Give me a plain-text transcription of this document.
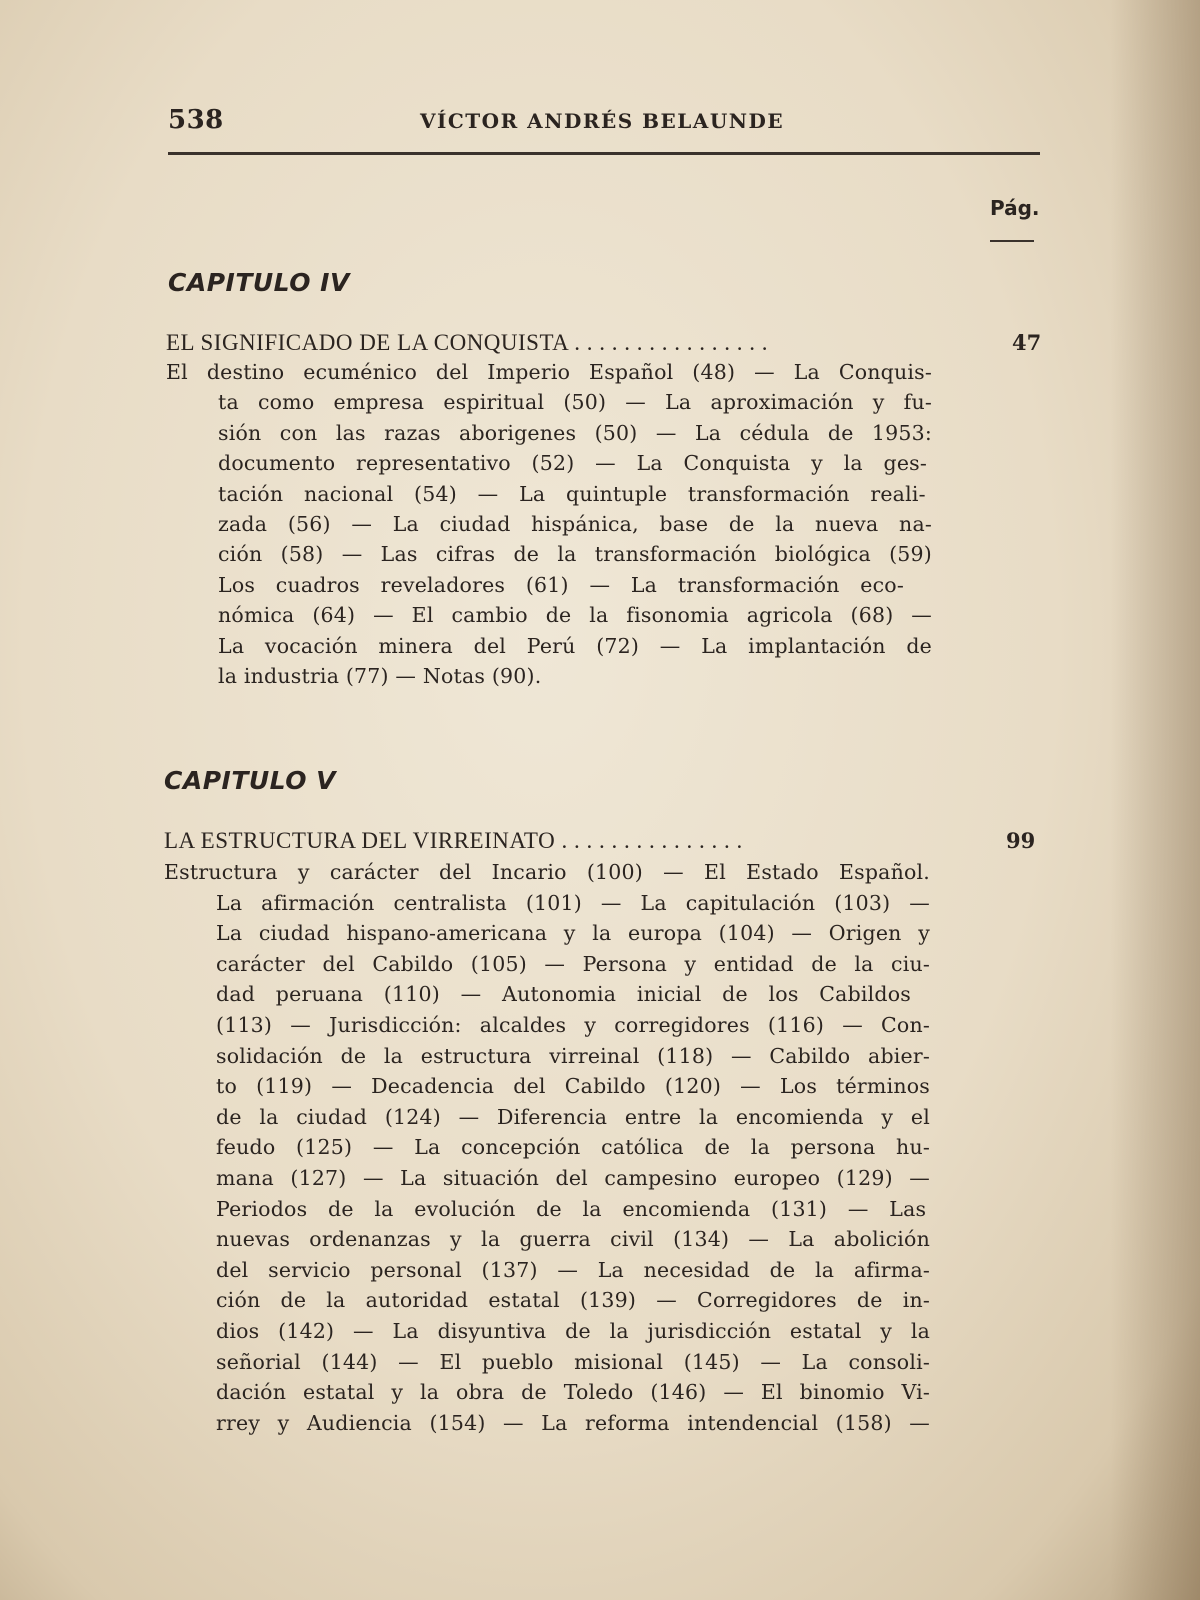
538	VÍCTOR ANDRÉS BELAUNDE
Pág.
CAPITULO IV
EL SIGNIFICADO DE LA CONQUISTA . . . . . . . . . . . . . . . .	47
El destino ecuménico del Imperio Español (48) — La Conquis-
ta como empresa espiritual (50) — La aproximación y fu-
sión con las razas aborigenes (50) — La cédula de 1953:
documento representativo (52) — La Conquista y la ges-
tación nacional (54) — La quintuple transformación reali-
zada (56) — La ciudad hispánica, base de la nueva na-
ción (58) — Las cifras de la transformación biológica (59)
Los cuadros reveladores (61) — La transformación eco-
nómica (64) — El cambio de la fisonomia agricola (68) —
La vocación minera del Perú (72) — La implantación de
la industria (77) — Notas (90).
CAPITULO V
LA ESTRUCTURA DEL VIRREINATO . . . . . . . . . . . . . . .	99
Estructura y carácter del Incario (100) — El Estado Español.
La afirmación centralista (101) — La capitulación (103) —
La ciudad hispano-americana y la europa (104) — Origen y
carácter del Cabildo (105) — Persona y entidad de la ciu-
dad peruana (110) — Autonomia inicial de los Cabildos
(113) — Jurisdicción: alcaldes y corregidores (116) — Con-
solidación de la estructura virreinal (118) — Cabildo abier-
to (119) — Decadencia del Cabildo (120) — Los términos
de la ciudad (124) — Diferencia entre la encomienda y el
feudo (125) — La concepción católica de la persona hu-
mana (127) — La situación del campesino europeo (129) —
Periodos de la evolución de la encomienda (131) — Las
nuevas ordenanzas y la guerra civil (134) — La abolición
del servicio personal (137) — La necesidad de la afirma-
ción de la autoridad estatal (139) — Corregidores de in-
dios (142) — La disyuntiva de la jurisdicción estatal y la
señorial (144) — El pueblo misional (145) — La consoli-
dación estatal y la obra de Toledo (146) — El binomio Vi-
rrey y Audiencia (154) — La reforma intendencial (158) —
